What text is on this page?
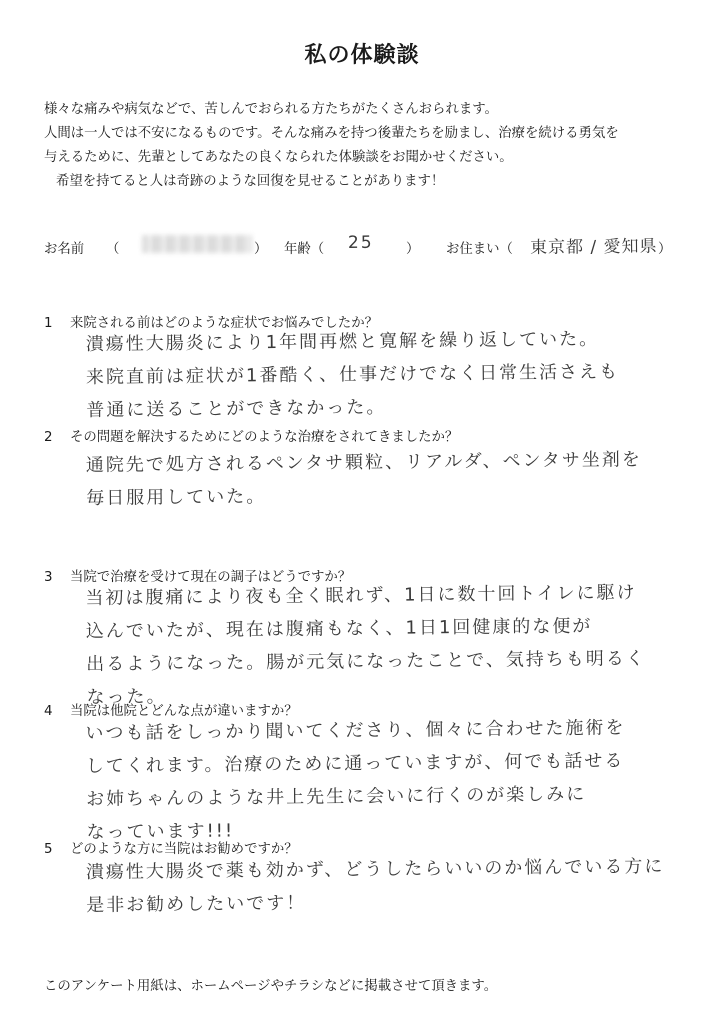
私の体験談
様々な痛みや病気などで、苦しんでおられる方たちがたくさんおられます。
人間は一人では不安になるものです。そんな痛みを持つ後輩たちを励まし、治療を続ける勇気を
与えるために、先輩としてあなたの良くなられた体験談をお聞かせください。
希望を持てると人は奇跡のような回復を見せることがあります！
お名前 （	） 年齢（ 25 ） お住まい（ 東京都 / 愛知県 ）
1 来院される前はどのような症状でお悩みでしたか？
潰瘍性大腸炎により1年間再燃と寛解を繰り返していた。
来院直前は症状が1番酷く、仕事だけでなく日常生活さえも
普通に送ることができなかった。
2 その問題を解決するためにどのような治療をされてきましたか？
通院先で処方されるペンタサ顆粒、リアルダ、ペンタサ坐剤を
毎日服用していた。
3 当院で治療を受けて現在の調子はどうですか？
当初は腹痛により夜も全く眠れず、1日に数十回トイレに駆け
込んでいたが、現在は腹痛もなく、1日1回健康的な便が
出るようになった。腸が元気になったことで、気持ちも明るく
なった。
4 当院は他院とどんな点が違いますか？
いつも話をしっかり聞いてくださり、個々に合わせた施術を
してくれます。治療のために通っていますが、何でも話せる
お姉ちゃんのような井上先生に会いに行くのが楽しみに
なっています!!!
5 どのような方に当院はお勧めですか？
潰瘍性大腸炎で薬も効かず、どうしたらいいのか悩んでいる方に
是非お勧めしたいです！
このアンケート用紙は、ホームページやチラシなどに掲載させて頂きます。
